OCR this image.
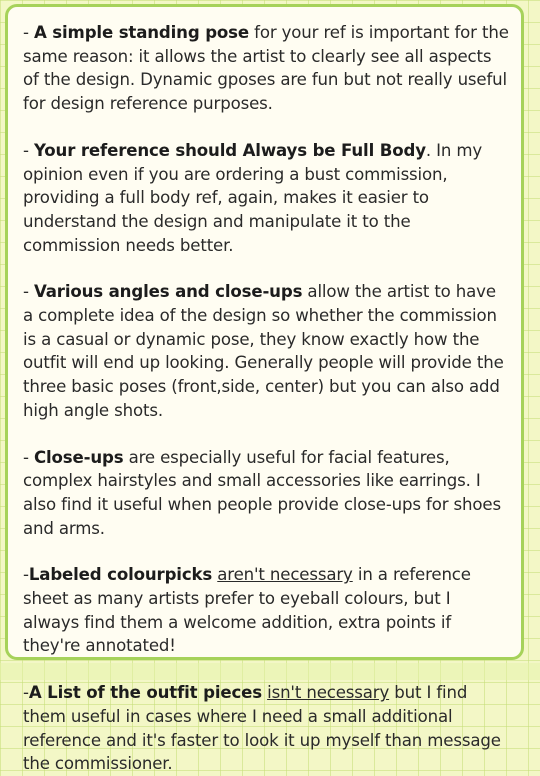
- A simple standing pose for your ref is important for the same reason: it allows the artist to clearly see all aspects of the design. Dynamic gposes are fun but not really useful for design reference purposes.

- Your reference should Always be Full Body. In my opinion even if you are ordering a bust commission, providing a full body ref, again, makes it easier to understand the design and manipulate it to the commission needs better.

- Various angles and close-ups allow the artist to have a complete idea of the design so whether the commission is a casual or dynamic pose, they know exactly how the outfit will end up looking. Generally people will provide the three basic poses (front,side, center) but you can also add high angle shots.

- Close-ups are especially useful for facial features, complex hairstyles and small accessories like earrings. I also find it useful when people provide close-ups for shoes and arms.

-Labeled colourpicks aren't necessary in a reference sheet as many artists prefer to eyeball colours, but I always find them a welcome addition, extra points if they're annotated!

-A List of the outfit pieces isn't necessary but I find them useful in cases where I need a small additional reference and it's faster to look it up myself than message the commissioner.
